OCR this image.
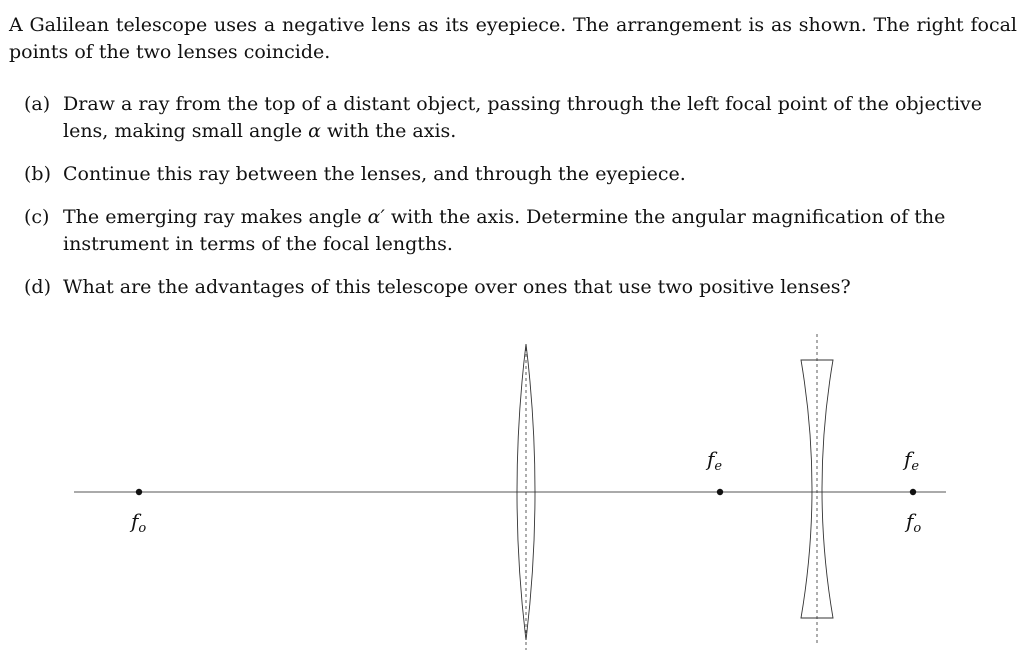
A Galilean telescope uses a negative lens as its eyepiece. The arrangement is as shown. The right focal points of the two lenses coincide.

(a) Draw a ray from the top of a distant object, passing through the left focal point of the objective lens, making small angle α with the axis.
(b) Continue this ray between the lenses, and through the eyepiece.
(c) The emerging ray makes angle α′ with the axis. Determine the angular magnification of the instrument in terms of the focal lengths.
(d) What are the advantages of this telescope over ones that use two positive lenses?
$f_o$
$f_e$	$f_e$
$f_o$
